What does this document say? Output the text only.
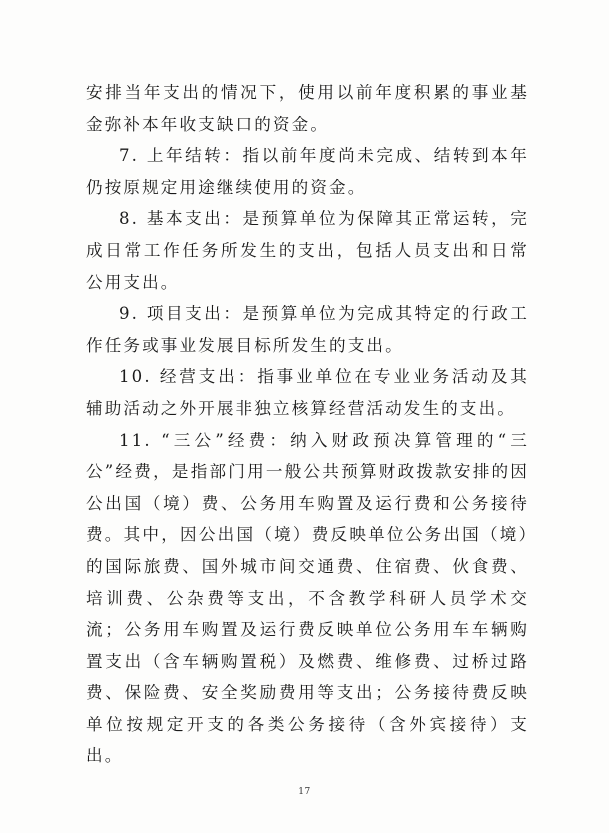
安排当年支出的情况下，使用以前年度积累的事业基金弥补本年收支缺口的资金。

7. 上年结转：指以前年度尚未完成、结转到本年仍按原规定用途继续使用的资金。

8. 基本支出：是预算单位为保障其正常运转，完成日常工作任务所发生的支出，包括人员支出和日常公用支出。

9. 项目支出：是预算单位为完成其特定的行政工作任务或事业发展目标所发生的支出。

10. 经营支出：指事业单位在专业业务活动及其辅助活动之外开展非独立核算经营活动发生的支出。

11. “三公”经费：纳入财政预决算管理的“三公”经费，是指部门用一般公共预算财政拨款安排的因公出国（境）费、公务用车购置及运行费和公务接待费。其中，因公出国（境）费反映单位公务出国（境）的国际旅费、国外城市间交通费、住宿费、伙食费、培训费、公杂费等支出，不含教学科研人员学术交流；公务用车购置及运行费反映单位公务用车车辆购置支出（含车辆购置税）及燃费、维修费、过桥过路费、保险费、安全奖励费用等支出；公务接待费反映单位按规定开支的各类公务接待（含外宾接待）支出。

17
